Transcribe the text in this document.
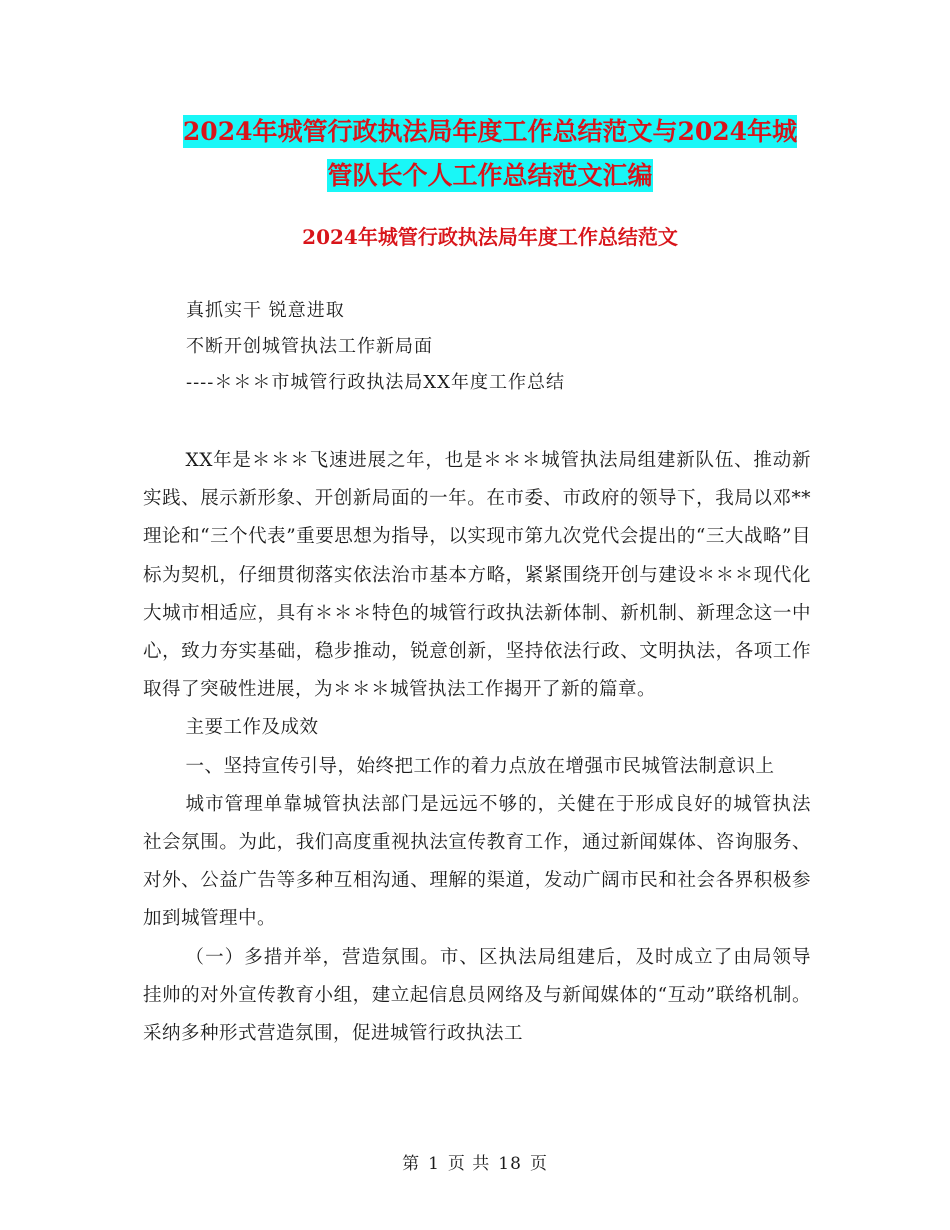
2024年城管行政执法局年度工作总结范文与2024年城
管队长个人工作总结范文汇编
2024年城管行政执法局年度工作总结范文
真抓实干 锐意进取
不断开创城管执法工作新局面
----＊＊＊市城管行政执法局XX年度工作总结

XX年是＊＊＊飞速进展之年，也是＊＊＊城管执法局组建新队伍、推动新实践、展示新形象、开创新局面的一年。在市委、市政府的领导下，我局以邓**理论和“三个代表”重要思想为指导，以实现市第九次党代会提出的“三大战略”目标为契机，仔细贯彻落实依法治市基本方略，紧紧围绕开创与建设＊＊＊现代化大城市相适应，具有＊＊＊特色的城管行政执法新体制、新机制、新理念这一中心，致力夯实基础，稳步推动，锐意创新，坚持依法行政、文明执法，各项工作取得了突破性进展，为＊＊＊城管执法工作揭开了新的篇章。

主要工作及成效

一、坚持宣传引导，始终把工作的着力点放在增强市民城管法制意识上

城市管理单靠城管执法部门是远远不够的，关健在于形成良好的城管执法社会氛围。为此，我们高度重视执法宣传教育工作，通过新闻媒体、咨询服务、对外、公益广告等多种互相沟通、理解的渠道，发动广阔市民和社会各界积极参加到城管理中。

（一）多措并举，营造氛围。市、区执法局组建后，及时成立了由局领导挂帅的对外宣传教育小组，建立起信息员网络及与新闻媒体的“互动”联络机制。采纳多种形式营造氛围，促进城管行政执法工

第 1 页 共 18 页
